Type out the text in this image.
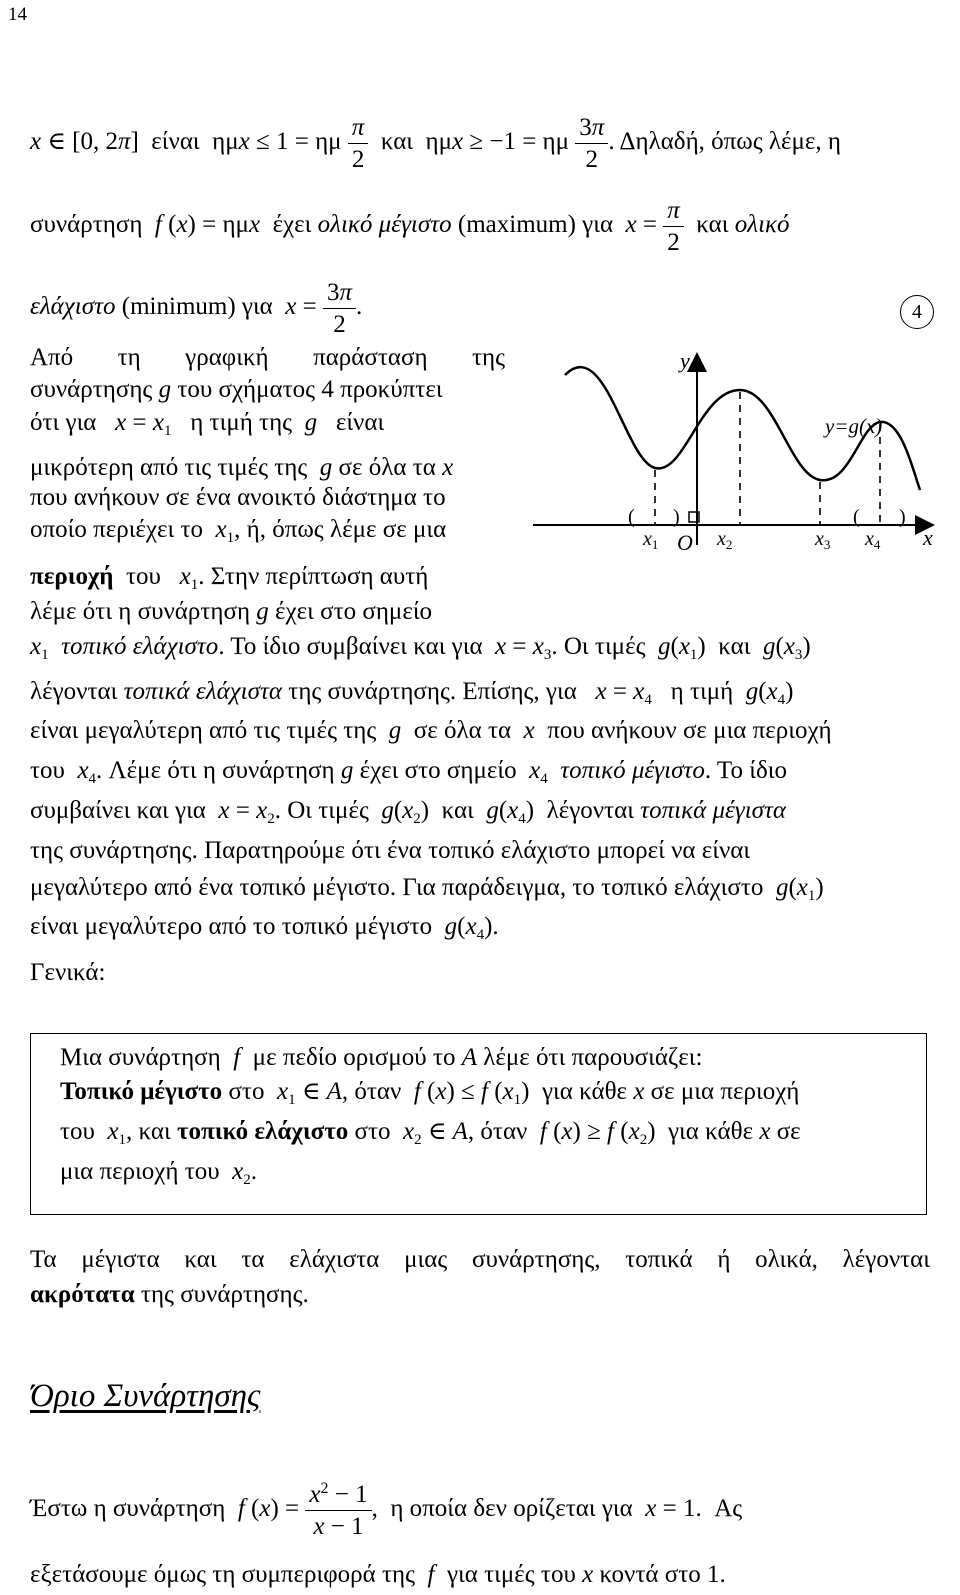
14
x ∈ [0, 2π]  είναι  ημx ≤ 1 = ημ $\frac{\pi}{2}$ και  ημx ≥ −1 = ημ $\frac{3\pi}{2}$ . Δηλαδή, όπως λέμε, η
συνάρτηση  f (x) = ημx  έχει ολικό μέγιστο (maximum) για  $x = \frac{\pi}{2}$ και ολικό
ελάχιστο (minimum) για  $x = \frac{3\pi}{2}$ .	4
Από τη γραφική παράσταση της
συνάρτησης g του σχήματος 4 προκύπτει
ότι για   $x = x_1$   η τιμή της  g   είναι
μικρότερη από τις τιμές της  g σε όλα τα x
που ανήκουν σε ένα ανοικτό διάστημα το
οποίο περιέχει το  $x_1$, ή, όπως λέμε σε μια
περιοχή  του   $x_1$. Στην περίπτωση αυτή
λέμε ότι η συνάρτηση g έχει στο σημείο
( )	( )
y
x
O
y=g(x)
$x_1$	$x_2$	$x_3$ $x_4$
$x_1$ τοπικό ελάχιστο. Το ίδιο συμβαίνει και για  $x = x_3$. Οι τιμές  $g(x_1)$  και  $g(x_3)$
λέγονται τοπικά ελάχιστα της συνάρτησης. Επίσης, για   $x = x_4$   η τιμή  $g(x_4)$
είναι μεγαλύτερη από τις τιμές της  g  σε όλα τα  x  που ανήκουν σε μια περιοχή
του  $x_4$. Λέμε ότι η συνάρτηση g έχει στο σημείο  $x_4$ τοπικό μέγιστο. Το ίδιο
συμβαίνει και για  $x = x_2$. Οι τιμές  $g(x_2)$  και  $g(x_4)$  λέγονται τοπικά μέγιστα
της συνάρτησης. Παρατηρούμε ότι ένα τοπικό ελάχιστο μπορεί να είναι
μεγαλύτερο από ένα τοπικό μέγιστο. Για παράδειγμα, το τοπικό ελάχιστο  $g(x_1)$
είναι μεγαλύτερο από το τοπικό μέγιστο  $g(x_4)$.
Γενικά:
Μια συνάρτηση  f  με πεδίο ορισμού το A λέμε ότι παρουσιάζει:
Τοπικό μέγιστο στο  $x_1$ ∈ A, όταν  f (x) ≤ f $(x_1)$  για κάθε x σε μια περιοχή
του  $x_1$, και τοπικό ελάχιστο στο  $x_2$ ∈ A, όταν  f (x) ≥ f $(x_2)$  για κάθε x σε
μια περιοχή του  $x_2$.
Τα μέγιστα και τα ελάχιστα μιας συνάρτησης, τοπικά ή ολικά, λέγονται
ακρότατα της συνάρτησης.
Όριο Συνάρτησης
Έστω η συνάρτηση  f $(x) = \frac{x^2 - 1}{x - 1}$ ,  η οποία δεν ορίζεται για  x = 1.  Ας
εξετάσουμε όμως τη συμπεριφορά της  f  για τιμές του x κοντά στο 1.
